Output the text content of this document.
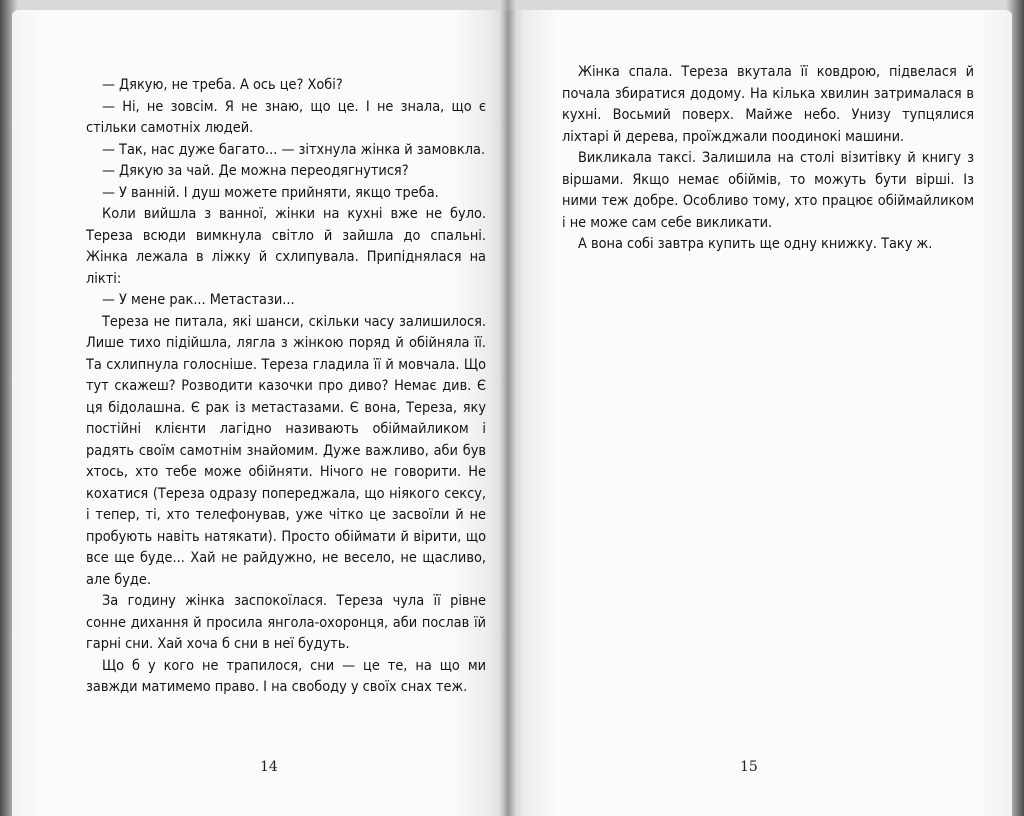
— Дякую, не треба. А ось це? Хобі?

— Ні, не зовсім. Я не знаю, що це. І не знала, що є стільки самотніх людей.

— Так, нас дуже багато... — зітхнула жінка й замовкла.

— Дякую за чай. Де можна переодягнутися?

— У ванній. І душ можете прийняти, якщо треба.

Коли вийшла з ванної, жінки на кухні вже не було. Тереза всюди вимкнула світло й зайшла до спальні. Жінка лежала в ліжку й схлипувала. Припіднялася на лікті:

— У мене рак... Метастази...

Тереза не питала, які шанси, скільки часу залишилося. Лише тихо підійшла, лягла з жінкою поряд й обійняла її. Та схлипнула голосніше. Тереза гладила її й мовчала. Що тут скажеш? Розводити казочки про диво? Немає див. Є ця бідолашна. Є рак із метастазами. Є вона, Тереза, яку постійні клієнти лагідно називають обіймайликом і радять своїм самотнім знайомим. Дуже важливо, аби був хтось, хто тебе може обійняти. Нічого не говорити. Не кохатися (Тереза одразу попереджала, що ніякого сексу, і тепер, ті, хто телефонував, уже чітко це засвоїли й не пробують навіть натякати). Просто обіймати й вірити, що все ще буде... Хай не райдужно, не весело, не щасливо, але буде.

За годину жінка заспокоїлася. Тереза чула її рівне сонне дихання й просила янгола-охоронця, аби послав їй гарні сни. Хай хоча б сни в неї будуть.

Що б у кого не трапилося, сни — це те, на що ми завжди матимемо право. І на свободу у своїх снах теж.

14

Жінка спала. Тереза вкутала її ковдрою, підвелася й почала збиратися додому. На кілька хвилин затрималася в кухні. Восьмий поверх. Майже небо. Унизу тупцялися ліхтарі й дерева, проїжджали поодинокі машини.

Викликала таксі. Залишила на столі візитівку й книгу з віршами. Якщо немає обіймів, то можуть бути вірші. Із ними теж добре. Особливо тому, хто працює обіймайликом і не може сам себе викликати.

А вона собі завтра купить ще одну книжку. Таку ж.

15
